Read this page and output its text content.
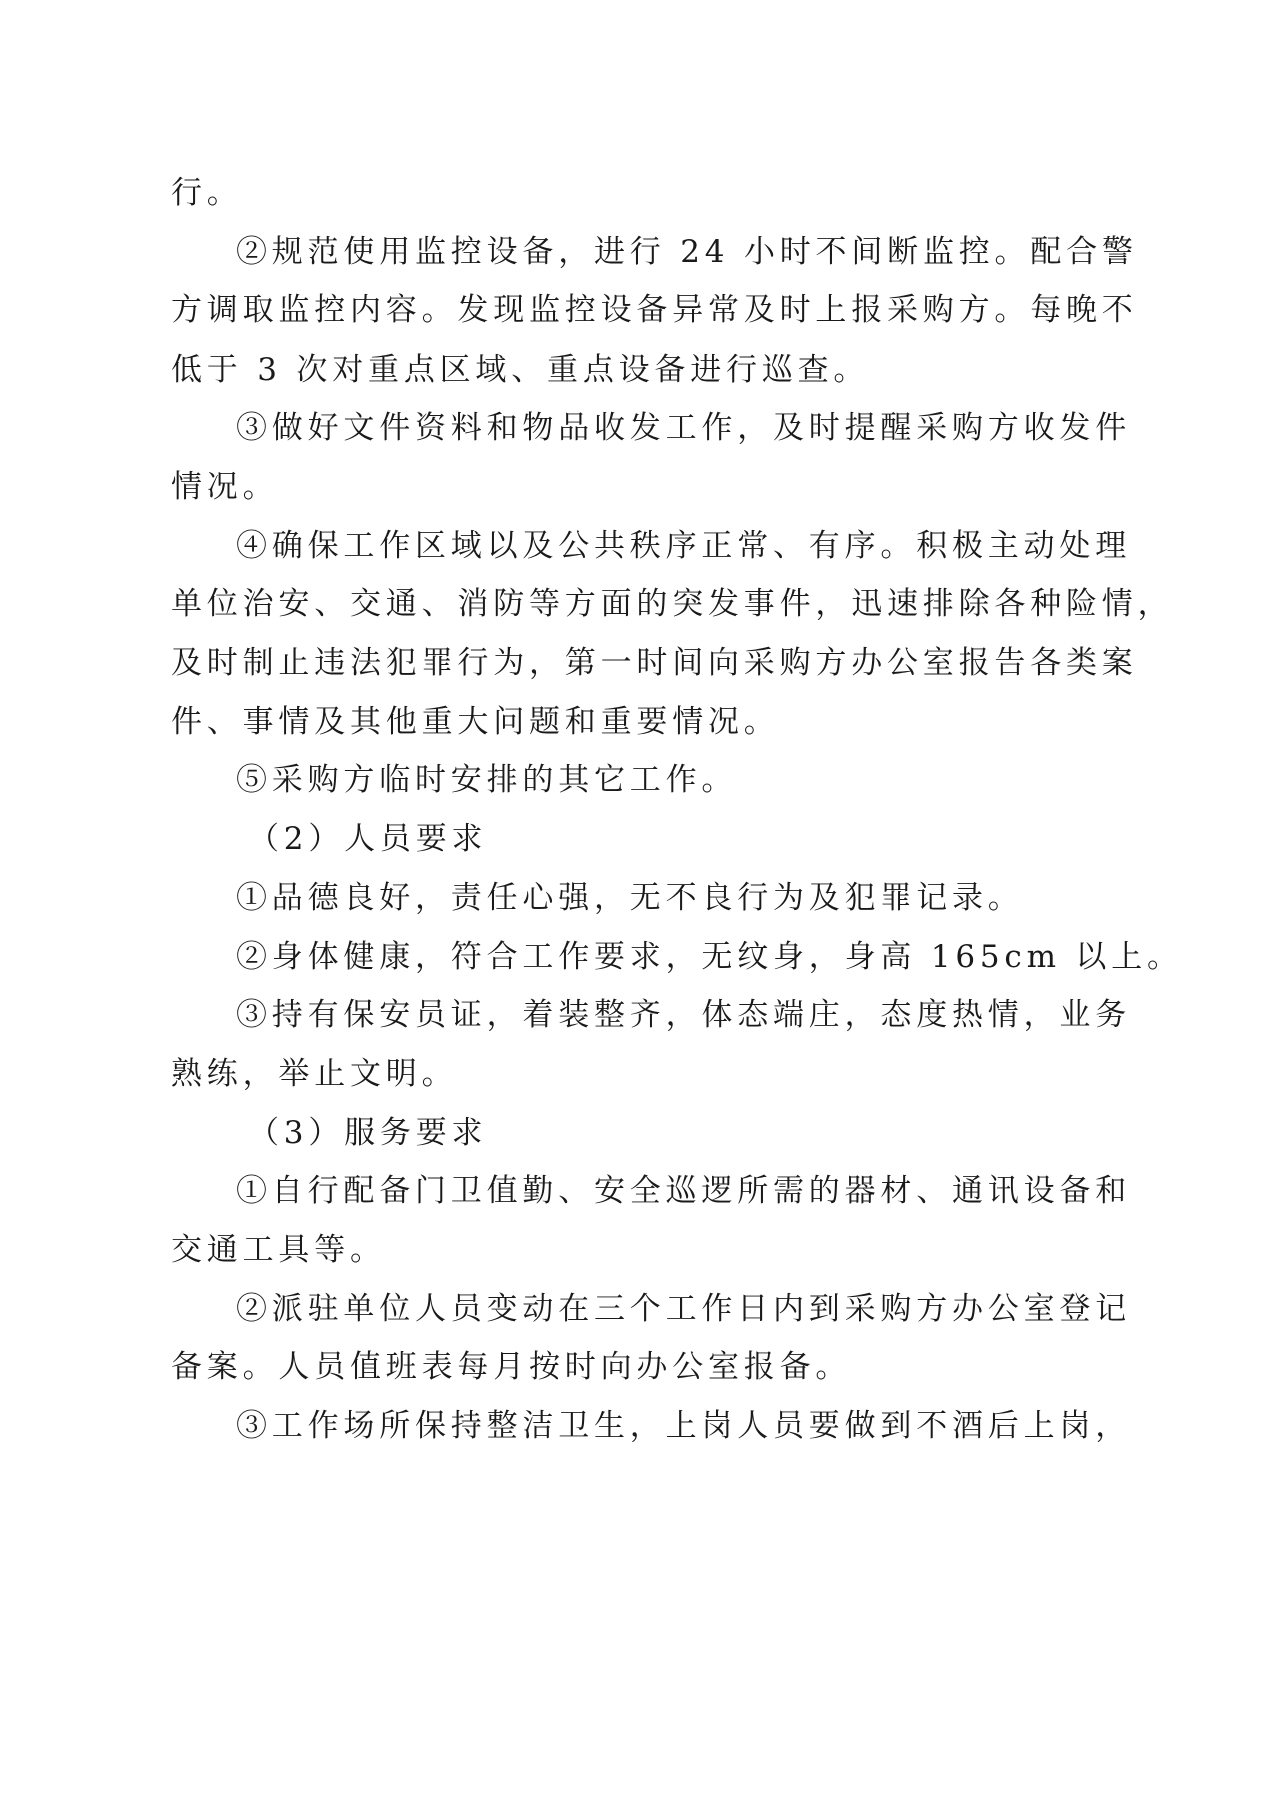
行。

②规范使用监控设备，进行 24 小时不间断监控。配合警

方调取监控内容。发现监控设备异常及时上报采购方。每晚不

低于 3 次对重点区域、重点设备进行巡查。

③做好文件资料和物品收发工作，及时提醒采购方收发件

情况。

④确保工作区域以及公共秩序正常、有序。积极主动处理

单位治安、交通、消防等方面的突发事件，迅速排除各种险情，

及时制止违法犯罪行为，第一时间向采购方办公室报告各类案

件、事情及其他重大问题和重要情况。

⑤采购方临时安排的其它工作。

（2）人员要求

①品德良好，责任心强，无不良行为及犯罪记录。

②身体健康，符合工作要求，无纹身，身高 165cm 以上。

③持有保安员证，着装整齐，体态端庄，态度热情，业务

熟练，举止文明。

（3）服务要求

①自行配备门卫值勤、安全巡逻所需的器材、通讯设备和

交通工具等。

②派驻单位人员变动在三个工作日内到采购方办公室登记

备案。人员值班表每月按时向办公室报备。

③工作场所保持整洁卫生，上岗人员要做到不酒后上岗，
